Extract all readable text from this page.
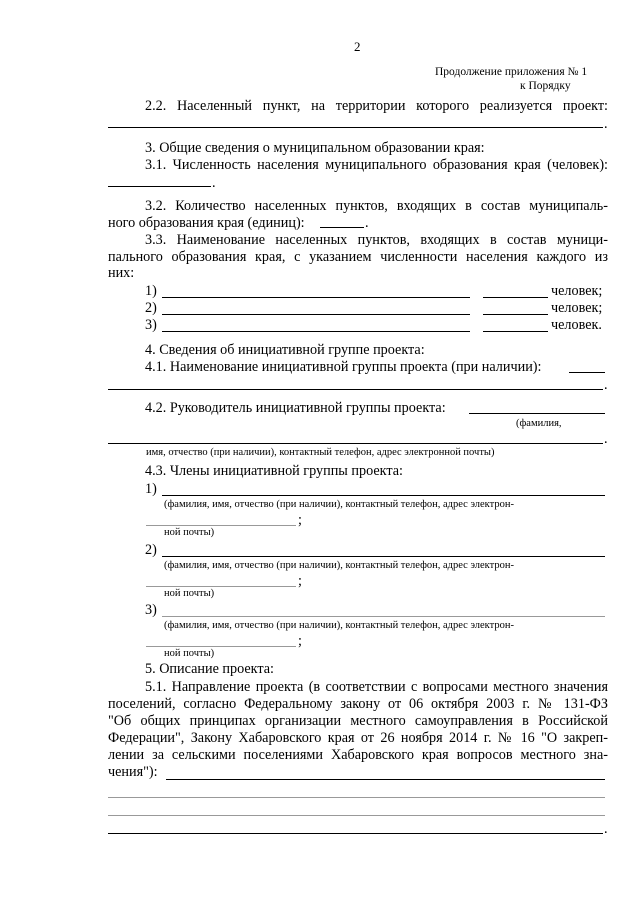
2
Продолжение приложения № 1
к Порядку
2.2. Населенный пункт, на территории которого реализуется проект:
.
3. Общие сведения о муниципальном образовании края:
3.1. Численность населения муниципального образования края (человек):
.
3.2. Количество населенных пунктов, входящих в состав муниципаль-
ного образования края (единиц):	.
3.3. Наименование населенных пунктов, входящих в состав муници-
пального образования края, с указанием численности населения каждого из
них:
1)	человек;
2)	человек;
3)	человек.
4. Сведения об инициативной группе проекта:
4.1. Наименование инициативной группы проекта (при наличии):
.
4.2. Руководитель инициативной группы проекта:
(фамилия,
.
имя, отчество (при наличии), контактный телефон, адрес электронной почты)
4.3. Члены инициативной группы проекта:
1)
(фамилия, имя, отчество (при наличии), контактный телефон, адрес электрон-
;
ной почты)
2)
(фамилия, имя, отчество (при наличии), контактный телефон, адрес электрон-
;
ной почты)
3)
(фамилия, имя, отчество (при наличии), контактный телефон, адрес электрон-
;
ной почты)
5. Описание проекта:
5.1. Направление проекта (в соответствии с вопросами местного значения
поселений, согласно Федеральному закону от 06 октября 2003 г. № 131-ФЗ
"Об общих принципах организации местного самоуправления в Российской
Федерации", Закону Хабаровского края от 26 ноября 2014 г. № 16 "О закреп-
лении за сельскими поселениями Хабаровского края вопросов местного зна-
чения"):
.
